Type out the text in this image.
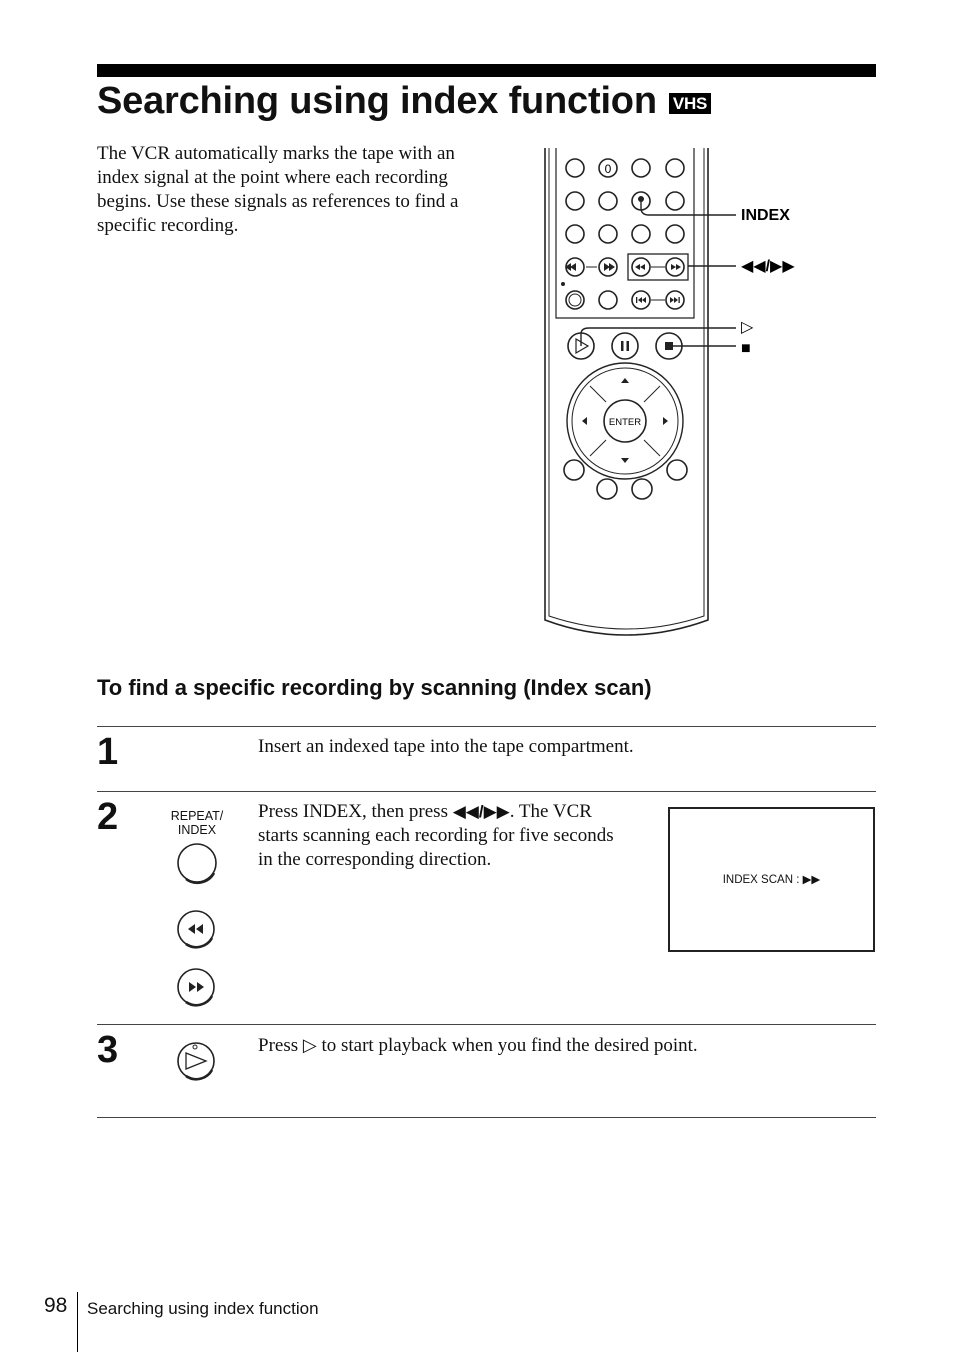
Searching using index function VHS
The VCR automatically marks the tape with an index signal at the point where each recording begins. Use these signals as references to find a specific recording.
0
ENTER
INDEX
◀◀/▶▶
▷
■
To find a specific recording by scanning (Index scan)
1	Insert an indexed tape into the tape compartment.
2	REPEAT/
INDEX
Press INDEX, then press ◀◀/▶▶. The VCR starts scanning each recording for five seconds in the corresponding direction.
INDEX SCAN : ▶▶
3	Press ▷ to start playback when you find the desired point.
98 Searching using index function
